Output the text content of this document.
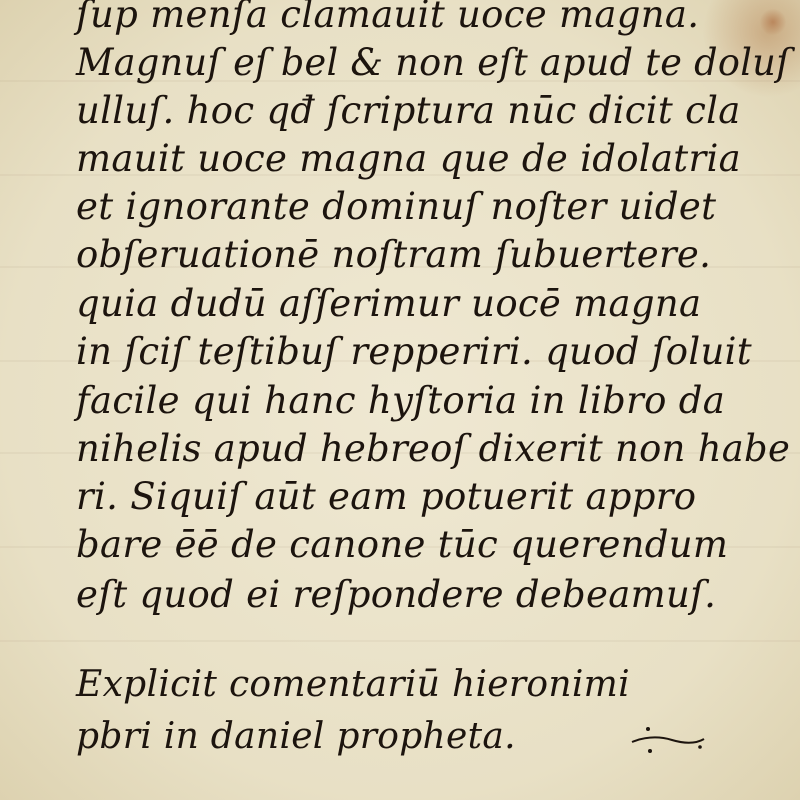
ſup menſa clamauit uoce magna.
Magnuſ eſ bel & non eſt apud te doluſ
ulluſ. hoc qđ ſcriptura nūc dicit cla
mauit uoce magna que de idolatria
et ignorante dominuſ noſter uidet
obſeruationē noſtram ſubuertere.
quia dudū aſſerimur uocē magna
in ſciſ teſtibuſ repperiri. quod ſoluit
facile qui hanc hyſtoria in libro da
nihelis apud hebreoſ dixerit non habe
ri. Siquiſ aūt eam potuerit appro
bare ēē de canone tūc querendum
eſt quod ei reſpondere debeamuſ.
Explicit comentariū hieronimi
pbri in daniel propheta.
